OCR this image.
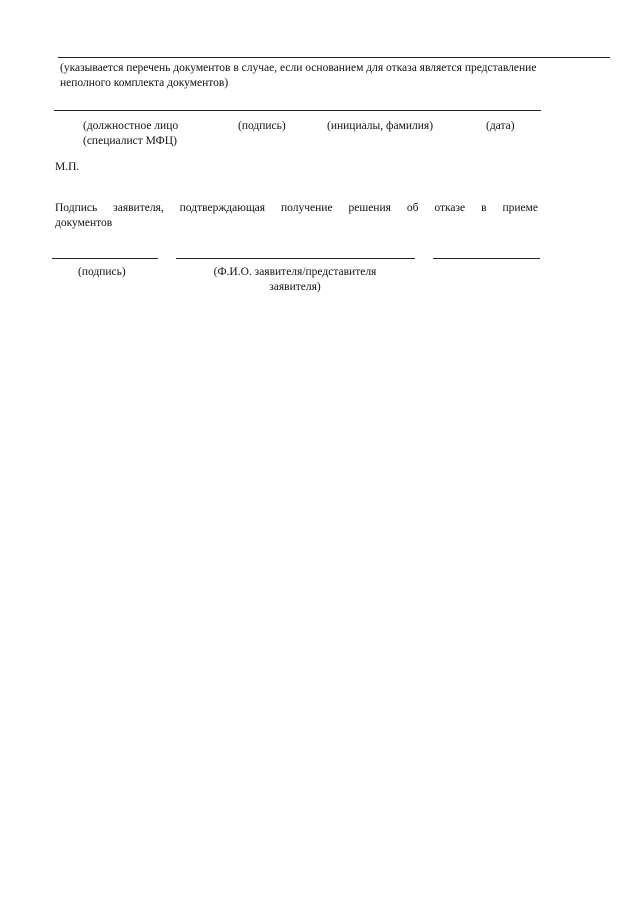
(указывается перечень документов в случае, если основанием для отказа является представление
неполного комплекта документов)
(должностное лицо
(специалист МФЦ)
(подпись)	(инициалы, фамилия)	(дата)
М.П.
Подпись заявителя, подтверждающая получение решения об отказе в приеме
документов
(подпись)	(Ф.И.О. заявителя/представителя
заявителя)
